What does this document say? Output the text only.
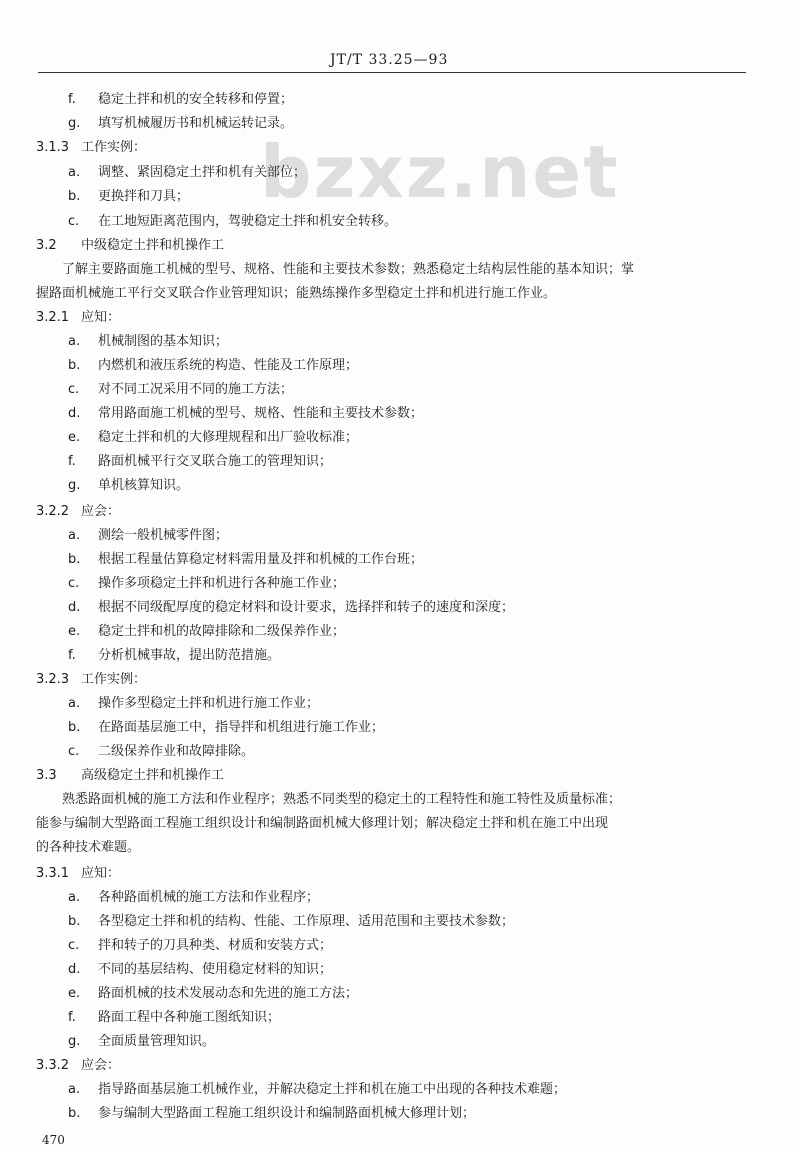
JT/T 33.25—93
bzxz.net
f. 稳定土拌和机的安全转移和停置；
g. 填写机械履历书和机械运转记录。
3.1.3 工作实例：
a. 调整、紧固稳定土拌和机有关部位；
b. 更换拌和刀具；
c. 在工地短距离范围内，驾驶稳定土拌和机安全转移。
3.2 中级稳定土拌和机操作工
了解主要路面施工机械的型号、规格、性能和主要技术参数；熟悉稳定土结构层性能的基本知识；掌
握路面机械施工平行交叉联合作业管理知识；能熟练操作多型稳定土拌和机进行施工作业。
3.2.1 应知：
a. 机械制图的基本知识；
b. 内燃机和液压系统的构造、性能及工作原理；
c. 对不同工况采用不同的施工方法；
d. 常用路面施工机械的型号、规格、性能和主要技术参数；
e. 稳定土拌和机的大修理规程和出厂验收标准；
f. 路面机械平行交叉联合施工的管理知识；
g. 单机核算知识。
3.2.2 应会：
a. 测绘一般机械零件图；
b. 根据工程量估算稳定材料需用量及拌和机械的工作台班；
c. 操作多项稳定土拌和机进行各种施工作业；
d. 根据不同级配厚度的稳定材料和设计要求，选择拌和转子的速度和深度；
e. 稳定土拌和机的故障排除和二级保养作业；
f. 分析机械事故，提出防范措施。
3.2.3 工作实例：
a. 操作多型稳定土拌和机进行施工作业；
b. 在路面基层施工中，指导拌和机组进行施工作业；
c. 二级保养作业和故障排除。
3.3 高级稳定土拌和机操作工
熟悉路面机械的施工方法和作业程序；熟悉不同类型的稳定土的工程特性和施工特性及质量标准；
能参与编制大型路面工程施工组织设计和编制路面机械大修理计划；解决稳定土拌和机在施工中出现
的各种技术难题。
3.3.1 应知：
a. 各种路面机械的施工方法和作业程序；
b. 各型稳定土拌和机的结构、性能、工作原理、适用范围和主要技术参数；
c. 拌和转子的刀具种类、材质和安装方式；
d. 不同的基层结构、使用稳定材料的知识；
e. 路面机械的技术发展动态和先进的施工方法；
f. 路面工程中各种施工图纸知识；
g. 全面质量管理知识。
3.3.2 应会：
a. 指导路面基层施工机械作业，并解决稳定土拌和机在施工中出现的各种技术难题；
b. 参与编制大型路面工程施工组织设计和编制路面机械大修理计划；
470
